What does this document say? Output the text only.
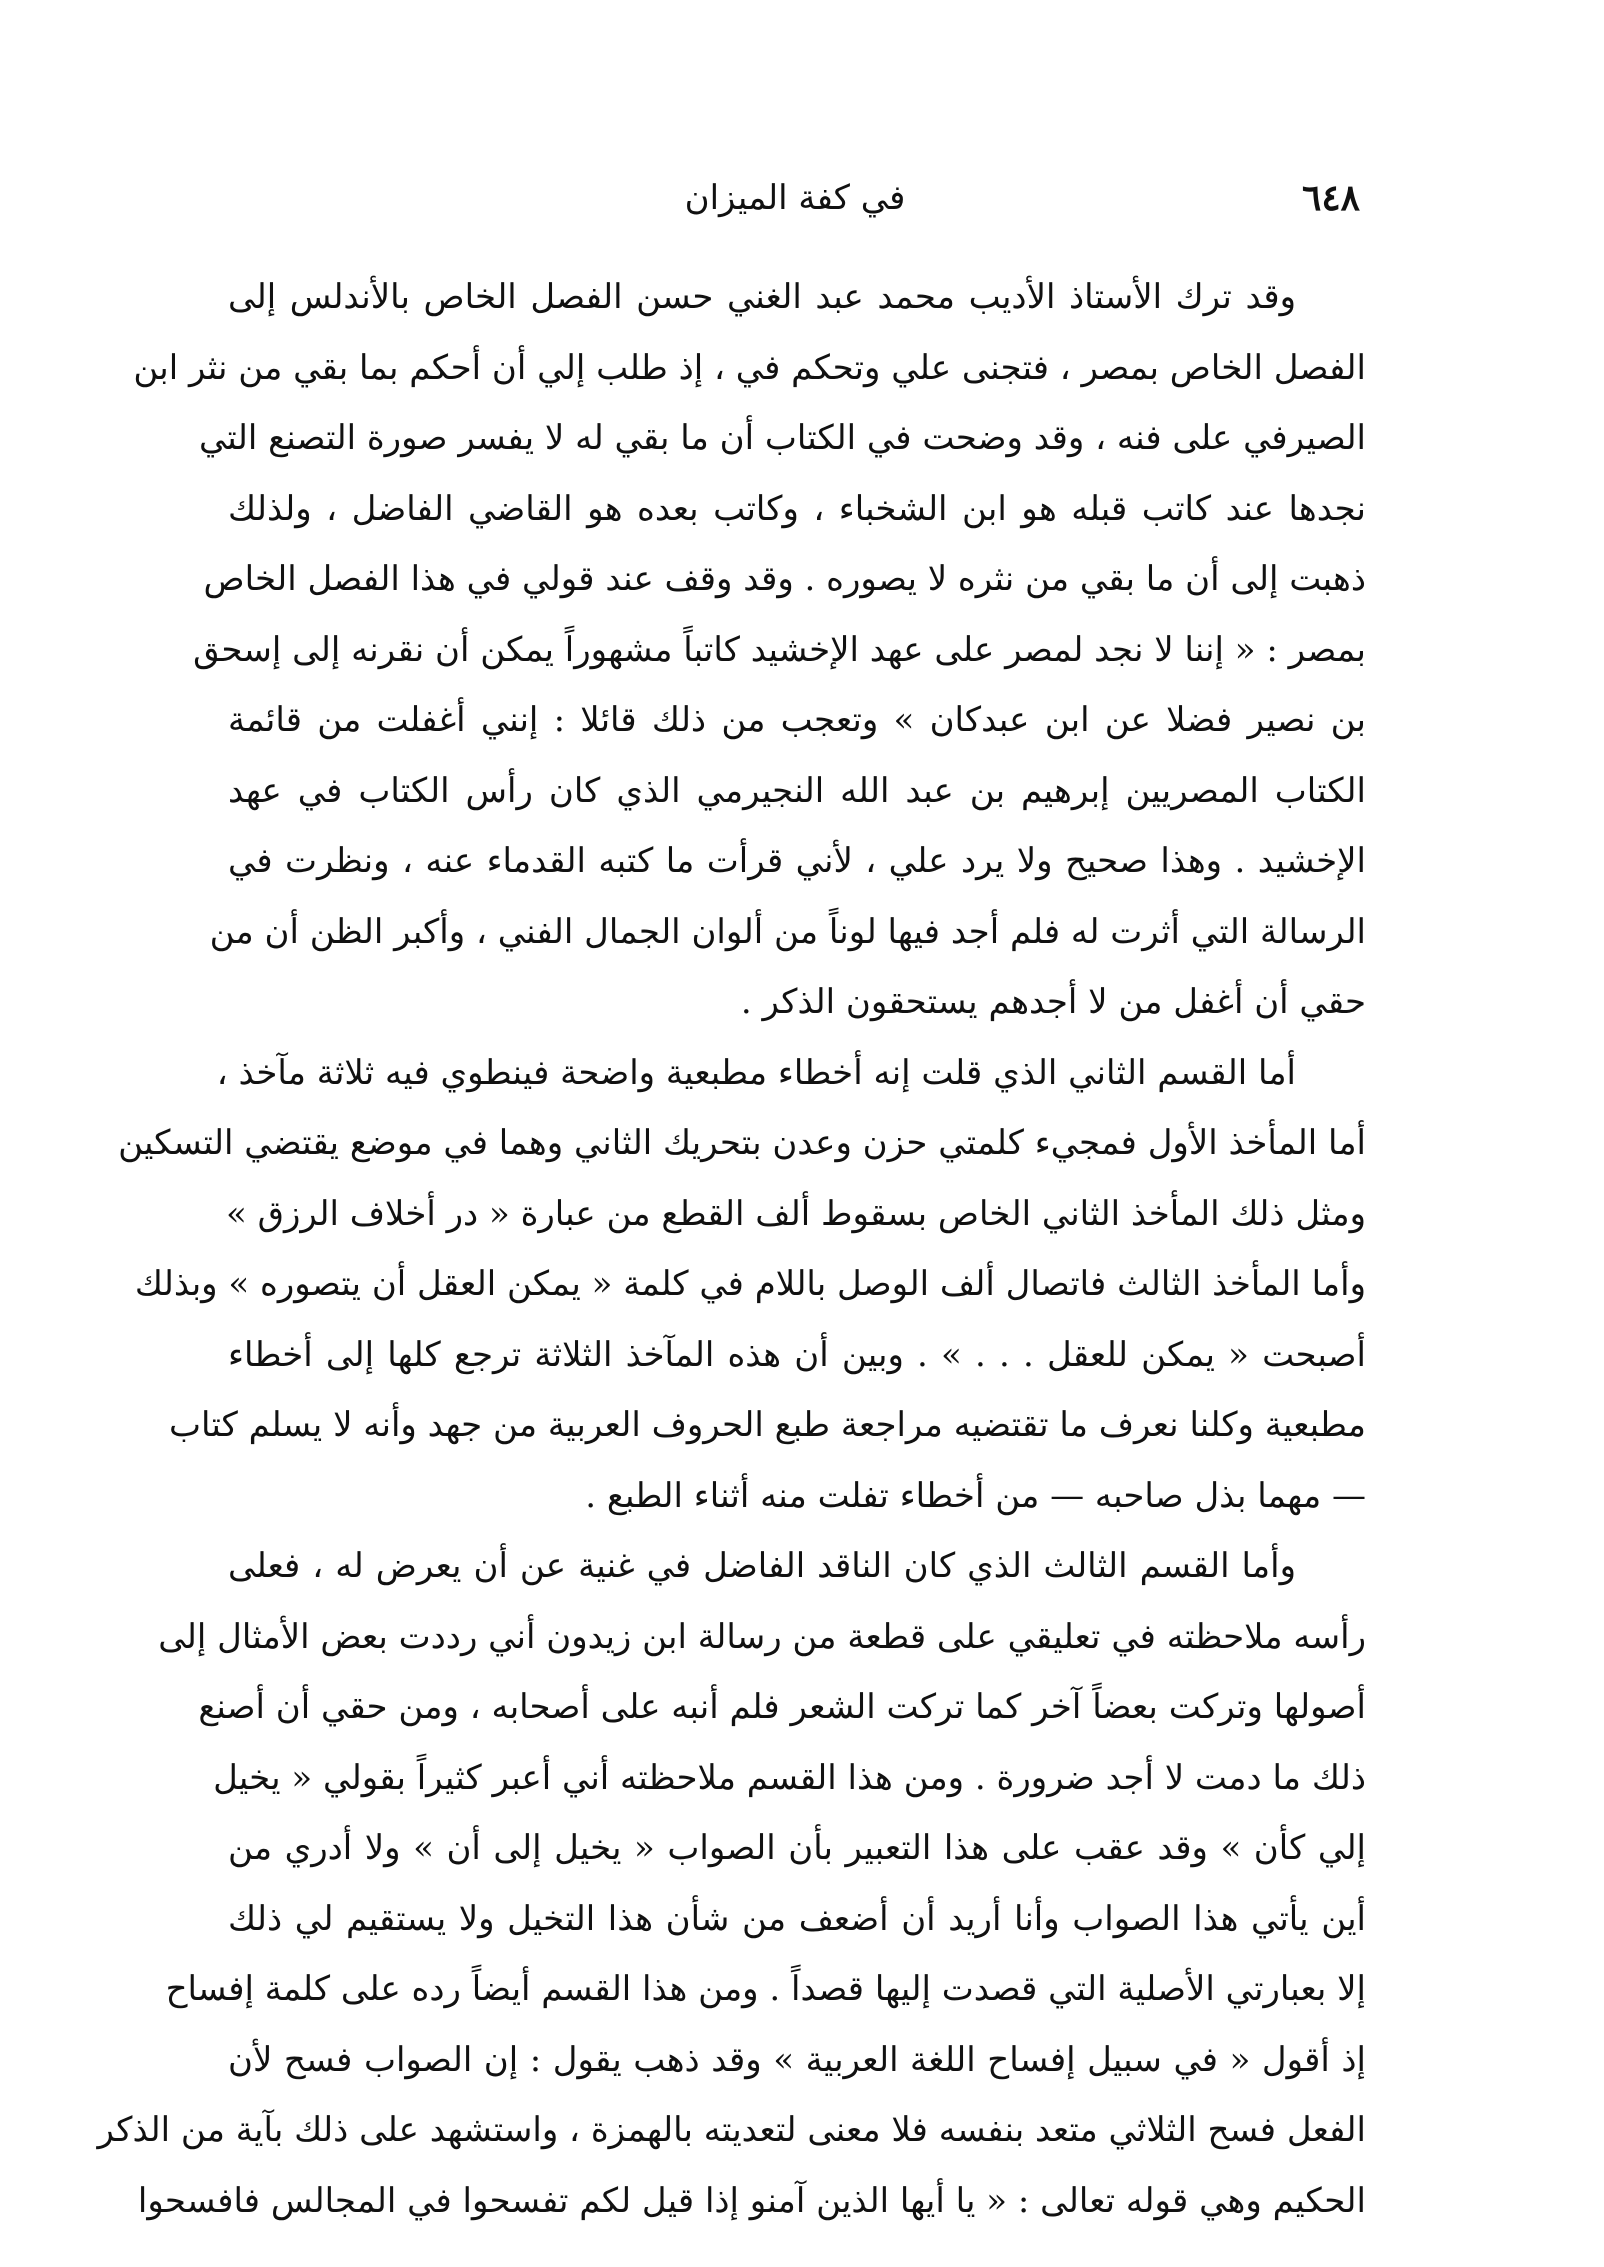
٦٤٨
في كفة الميزان
وقد ترك الأستاذ الأديب محمد عبد الغني حسن الفصل الخاص بالأندلس إلى
الفصل الخاص بمصر ، فتجنى علي وتحكم في ، إذ طلب إلي أن أحكم بما بقي من نثر ابن
الصيرفي على فنه ، وقد وضحت في الكتاب أن ما بقي له لا يفسر صورة التصنع التي
نجدها عند كاتب قبله هو ابن الشخباء ، وكاتب بعده هو القاضي الفاضل ، ولذلك
ذهبت إلى أن ما بقي من نثره لا يصوره . وقد وقف عند قولي في هذا الفصل الخاص
بمصر : « إننا لا نجد لمصر على عهد الإخشيد كاتباً مشهوراً يمكن أن نقرنه إلى إسحق
بن نصير فضلا عن ابن عبدكان » وتعجب من ذلك قائلا : إنني أغفلت من قائمة
الكتاب المصريين إبرهيم بن عبد الله النجيرمي الذي كان رأس الكتاب في عهد
الإخشيد . وهذا صحيح ولا يرد علي ، لأني قرأت ما كتبه القدماء عنه ، ونظرت في
الرسالة التي أثرت له فلم أجد فيها لوناً من ألوان الجمال الفني ، وأكبر الظن أن من
حقي أن أغفل من لا أجدهم يستحقون الذكر .
أما القسم الثاني الذي قلت إنه أخطاء مطبعية واضحة فينطوي فيه ثلاثة مآخذ ،
أما المأخذ الأول فمجيء كلمتي حزن وعدن بتحريك الثاني وهما في موضع يقتضي التسكين
ومثل ذلك المأخذ الثاني الخاص بسقوط ألف القطع من عبارة « در أخلاف الرزق »
وأما المأخذ الثالث فاتصال ألف الوصل باللام في كلمة « يمكن العقل أن يتصوره » وبذلك
أصبحت « يمكن للعقل . . . » . وبين أن هذه المآخذ الثلاثة ترجع كلها إلى أخطاء
مطبعية وكلنا نعرف ما تقتضيه مراجعة طبع الحروف العربية من جهد وأنه لا يسلم كتاب
— مهما بذل صاحبه — من أخطاء تفلت منه أثناء الطبع .
وأما القسم الثالث الذي كان الناقد الفاضل في غنية عن أن يعرض له ، فعلى
رأسه ملاحظته في تعليقي على قطعة من رسالة ابن زيدون أني رددت بعض الأمثال إلى
أصولها وتركت بعضاً آخر كما تركت الشعر فلم أنبه على أصحابه ، ومن حقي أن أصنع
ذلك ما دمت لا أجد ضرورة . ومن هذا القسم ملاحظته أني أعبر كثيراً بقولي « يخيل
إلي كأن » وقد عقب على هذا التعبير بأن الصواب « يخيل إلى أن » ولا أدري من
أين يأتي هذا الصواب وأنا أريد أن أضعف من شأن هذا التخيل ولا يستقيم لي ذلك
إلا بعبارتي الأصلية التي قصدت إليها قصداً . ومن هذا القسم أيضاً رده على كلمة إفساح
إذ أقول « في سبيل إفساح اللغة العربية » وقد ذهب يقول : إن الصواب فسح لأن
الفعل فسح الثلاثي متعد بنفسه فلا معنى لتعديته بالهمزة ، واستشهد على ذلك بآية من الذكر
الحكيم وهي قوله تعالى : « يا أيها الذين آمنو إذا قيل لكم تفسحوا في المجالس فافسحوا
